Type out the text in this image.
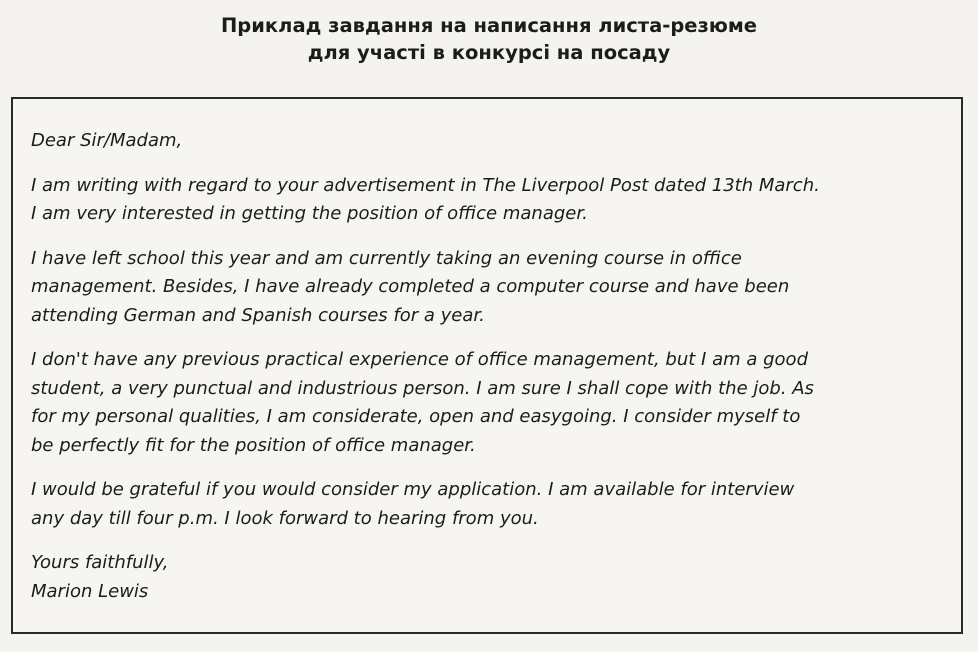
Приклад завдання на написання листа-резюме
для участі в конкурсі на посаду

Dear Sir/Madam,

I am writing with regard to your advertisement in The Liverpool Post dated 13th March.
I am very interested in getting the position of office manager.

I have left school this year and am currently taking an evening course in office
management. Besides, I have already completed a computer course and have been
attending German and Spanish courses for a year.

I don't have any previous practical experience of office management, but I am a good
student, a very punctual and industrious person. I am sure I shall cope with the job. As
for my personal qualities, I am considerate, open and easygoing. I consider myself to
be perfectly fit for the position of office manager.

I would be grateful if you would consider my application. I am available for interview
any day till four p.m. I look forward to hearing from you.

Yours faithfully,
Marion Lewis
